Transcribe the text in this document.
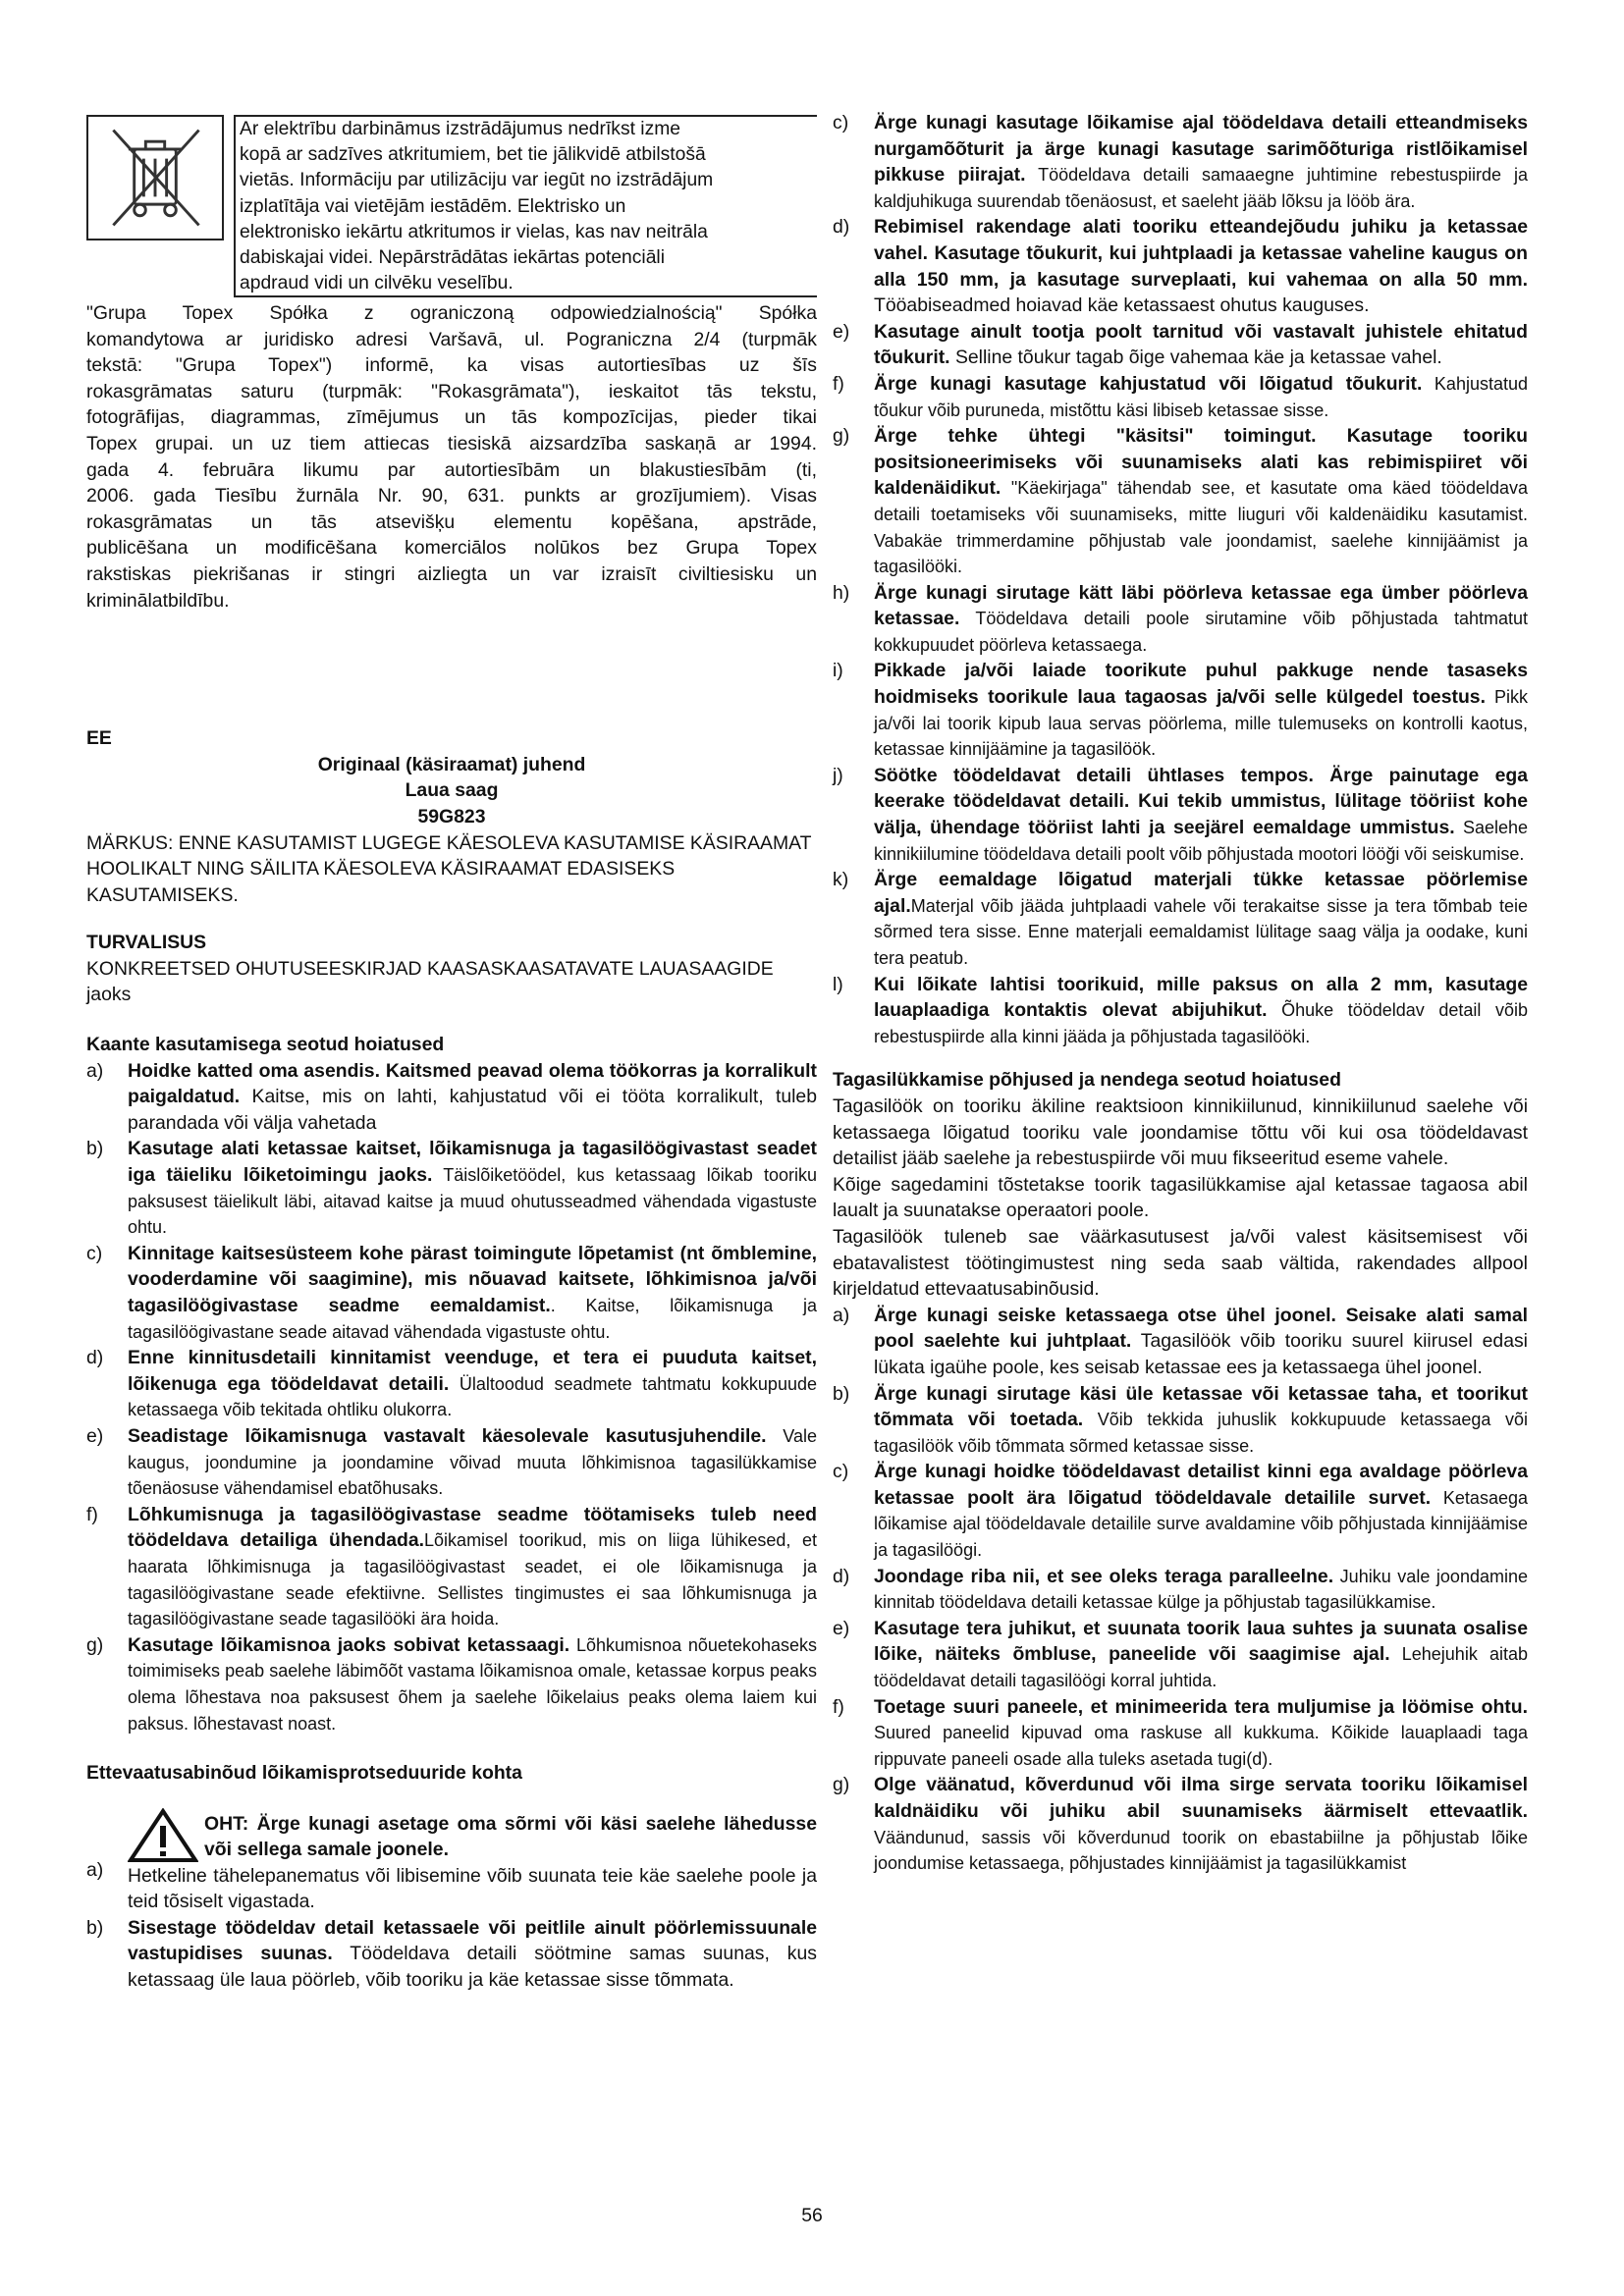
Ar elektrību darbināmus izstrādājumus nedrīkst izme
kopā ar sadzīves atkritumiem, bet tie jālikvidē atbilstošā
vietās. Informāciju par utilizāciju var iegūt no izstrādājum
izplatītāja vai vietējām iestādēm. Elektrisko un
elektronisko iekārtu atkritumos ir vielas, kas nav neitrāla
dabiskajai videi. Nepārstrādātas iekārtas potenciāli
apdraud vidi un cilvēku veselību.
"Grupa Topex Spółka z ograniczoną odpowiedzialnością" Spółka
komandytowa ar juridisko adresi Varšavā, ul. Pograniczna 2/4 (turpmāk
tekstā: "Grupa Topex") informē, ka visas autortiesības uz šīs
rokasgrāmatas saturu (turpmāk: "Rokasgrāmata"), ieskaitot tās tekstu,
fotogrāfijas, diagrammas, zīmējumus un tās kompozīcijas, pieder tikai
Topex grupai. un uz tiem attiecas tiesiskā aizsardzība saskaņā ar 1994.
gada 4. februāra likumu par autortiesībām un blakustiesībām (ti,
2006. gada Tiesību žurnāla Nr. 90, 631. punkts ar grozījumiem). Visas
rokasgrāmatas un tās atsevišķu elementu kopēšana, apstrāde,
publicēšana un modificēšana komerciālos nolūkos bez Grupa Topex
rakstiskas piekrišanas ir stingri aizliegta un var izraisīt civiltiesisku un
kriminālatbildību.

EE

Originaal (käsiraamat) juhend

Laua saag

59G823

MÄRKUS: ENNE KASUTAMIST LUGEGE KÄESOLEVA KASUTAMISE KÄSIRAAMAT HOOLIKALT NING SÄILITA KÄESOLEVA KÄSIRAAMAT EDASISEKS KASUTAMISEKS.

TURVALISUS

KONKREETSED OHUTUSEESKIRJAD KAASASKAASATAVATE LAUASAAGIDE jaoks

Kaante kasutamisega seotud hoiatused

a) Hoidke katted oma asendis. Kaitsmed peavad olema töökorras ja korralikult paigaldatud. Kaitse, mis on lahti, kahjustatud või ei tööta korralikult, tuleb parandada või välja vahetada
b) Kasutage alati ketassae kaitset, lõikamisnuga ja tagasilöögivastast seadet iga täieliku lõiketoimingu jaoks. Täislõiketöödel, kus ketassaag lõikab tooriku paksusest täielikult läbi, aitavad kaitse ja muud ohutusseadmed vähendada vigastuste ohtu.
c) Kinnitage kaitsesüsteem kohe pärast toimingute lõpetamist (nt õmblemine, vooderdamine või saagimine), mis nõuavad kaitsete, lõhkimisnoa ja/või tagasilöögivastase seadme eemaldamist.. Kaitse, lõikamisnuga ja tagasilöögivastane seade aitavad vähendada vigastuste ohtu.
d) Enne kinnitusdetaili kinnitamist veenduge, et tera ei puuduta kaitset, lõikenuga ega töödeldavat detaili. Ülaltoodud seadmete tahtmatu kokkupuude ketassaega võib tekitada ohtliku olukorra.
e) Seadistage lõikamisnuga vastavalt käesolevale kasutusjuhendile. Vale kaugus, joondumine ja joondamine võivad muuta lõhkimisnoa tagasilükkamise tõenäosuse vähendamisel ebatõhusaks.
f) Lõhkumisnuga ja tagasilöögivastase seadme töötamiseks tuleb need töödeldava detailiga ühendada.Lõikamisel toorikud, mis on liiga lühikesed, et haarata lõhkimisnuga ja tagasilöögivastast seadet, ei ole lõikamisnuga ja tagasilöögivastane seade efektiivne. Sellistes tingimustes ei saa lõhkumisnuga ja tagasilöögivastane seade tagasilööki ära hoida.
g) Kasutage lõikamisnoa jaoks sobivat ketassaagi. Lõhkumisnoa nõuetekohaseks toimimiseks peab saelehe läbimõõt vastama lõikamisnoa omale, ketassae korpus peaks olema lõhestava noa paksusest õhem ja saelehe lõikelaius peaks olema laiem kui paksus. lõhestavast noast.

Ettevaatusabinõud lõikamisprotseduuride kohta

a)
OHT: Ärge kunagi asetage oma sõrmi või käsi saelehe lähedusse või sellega samale joonele.
Hetkeline tähelepanematus või libisemine võib suunata teie käe saelehe poole ja teid tõsiselt vigastada.
b) Sisestage töödeldav detail ketassaele või peitlile ainult pöörlemissuunale vastupidises suunas. Töödeldava detaili söötmine samas suunas, kus ketassaag üle laua pöörleb, võib tooriku ja käe ketassae sisse tõmmata.
c) Ärge kunagi kasutage lõikamise ajal töödeldava detaili etteandmiseks nurgamõõturit ja ärge kunagi kasutage sarimõõturiga ristlõikamisel pikkuse piirajat. Töödeldava detaili samaaegne juhtimine rebestuspiirde ja kaldjuhikuga suurendab tõenäosust, et saeleht jääb lõksu ja lööb ära.
d) Rebimisel rakendage alati tooriku etteandejõudu juhiku ja ketassae vahel. Kasutage tõukurit, kui juhtplaadi ja ketassae vaheline kaugus on alla 150 mm, ja kasutage surveplaati, kui vahemaa on alla 50 mm. Tööabiseadmed hoiavad käe ketassaest ohutus kauguses.
e) Kasutage ainult tootja poolt tarnitud või vastavalt juhistele ehitatud tõukurit. Selline tõukur tagab õige vahemaa käe ja ketassae vahel.
f) Ärge kunagi kasutage kahjustatud või lõigatud tõukurit. Kahjustatud tõukur võib puruneda, mistõttu käsi libiseb ketassae sisse.
g) Ärge tehke ühtegi "käsitsi" toimingut. Kasutage tooriku positsioneerimiseks või suunamiseks alati kas rebimispiiret või kaldenäidikut. "Käekirjaga" tähendab see, et kasutate oma käed töödeldava detaili toetamiseks või suunamiseks, mitte liuguri või kaldenäidiku kasutamist. Vabakäe trimmerdamine põhjustab vale joondamist, saelehe kinnijäämist ja tagasilööki.
h) Ärge kunagi sirutage kätt läbi pöörleva ketassae ega ümber pöörleva ketassae. Töödeldava detaili poole sirutamine võib põhjustada tahtmatut kokkupuudet pöörleva ketassaega.
i) Pikkade ja/või laiade toorikute puhul pakkuge nende tasaseks hoidmiseks toorikule laua tagaosas ja/või selle külgedel toestus. Pikk ja/või lai toorik kipub laua servas pöörlema, mille tulemuseks on kontrolli kaotus, ketassae kinnijäämine ja tagasilöök.
j) Söötke töödeldavat detaili ühtlases tempos. Ärge painutage ega keerake töödeldavat detaili. Kui tekib ummistus, lülitage tööriist kohe välja, ühendage tööriist lahti ja seejärel eemaldage ummistus. Saelehe kinnikiilumine töödeldava detaili poolt võib põhjustada mootori lööği või seiskumise.
k) Ärge eemaldage lõigatud materjali tükke ketassae pöörlemise ajal.Materjal võib jääda juhtplaadi vahele või terakaitse sisse ja tera tõmbab teie sõrmed tera sisse. Enne materjali eemaldamist lülitage saag välja ja oodake, kuni tera peatub.
l) Kui lõikate lahtisi toorikuid, mille paksus on alla 2 mm, kasutage lauaplaadiga kontaktis olevat abijuhikut. Õhuke töödeldav detail võib rebestuspiirde alla kinni jääda ja põhjustada tagasilööki.

Tagasilükkamise põhjused ja nendega seotud hoiatused

Tagasilöök on tooriku äkiline reaktsioon kinnikiilunud, kinnikiilunud saelehe või ketassaega lõigatud tooriku vale joondamise tõttu või kui osa töödeldavast detailist jääb saelehe ja rebestuspiirde või muu fikseeritud eseme vahele.

Kõige sagedamini tõstetakse toorik tagasilükkamise ajal ketassae tagaosa abil laualt ja suunatakse operaatori poole.

Tagasilöök tuleneb sae väärkasutusest ja/või valest käsitsemisest või ebatavalistest töötingimustest ning seda saab vältida, rakendades allpool kirjeldatud ettevaatusabinõusid.

a) Ärge kunagi seiske ketassaega otse ühel joonel. Seisake alati samal pool saelehte kui juhtplaat. Tagasilöök võib tooriku suurel kiirusel edasi lükata igaühe poole, kes seisab ketassae ees ja ketassaega ühel joonel.
b) Ärge kunagi sirutage käsi üle ketassae või ketassae taha, et toorikut tõmmata või toetada. Võib tekkida juhuslik kokkupuude ketassaega või tagasilöök võib tõmmata sõrmed ketassae sisse.
c) Ärge kunagi hoidke töödeldavast detailist kinni ega avaldage pöörleva ketassae poolt ära lõigatud töödeldavale detailile survet. Ketasaega lõikamise ajal töödeldavale detailile surve avaldamine võib põhjustada kinnijäämise ja tagasilöögi.
d) Joondage riba nii, et see oleks teraga paralleelne. Juhiku vale joondamine kinnitab töödeldava detaili ketassae külge ja põhjustab tagasilükkamise.
e) Kasutage tera juhikut, et suunata toorik laua suhtes ja suunata osalise lõike, näiteks õmbluse, paneelide või saagimise ajal. Lehejuhik aitab töödeldavat detaili tagasilöögi korral juhtida.
f) Toetage suuri paneele, et minimeerida tera muljumise ja löömise ohtu. Suured paneelid kipuvad oma raskuse all kukkuma. Kõikide lauaplaadi taga rippuvate paneeli osade alla tuleks asetada tugi(d).
g) Olge väänatud, kõverdunud või ilma sirge servata tooriku lõikamisel kaldnäidiku või juhiku abil suunamiseks äärmiselt ettevaatlik. Väändunud, sassis või kõverdunud toorik on ebastabiilne ja põhjustab lõike joondumise ketassaega, põhjustades kinnijäämist ja tagasilükkamist
56
